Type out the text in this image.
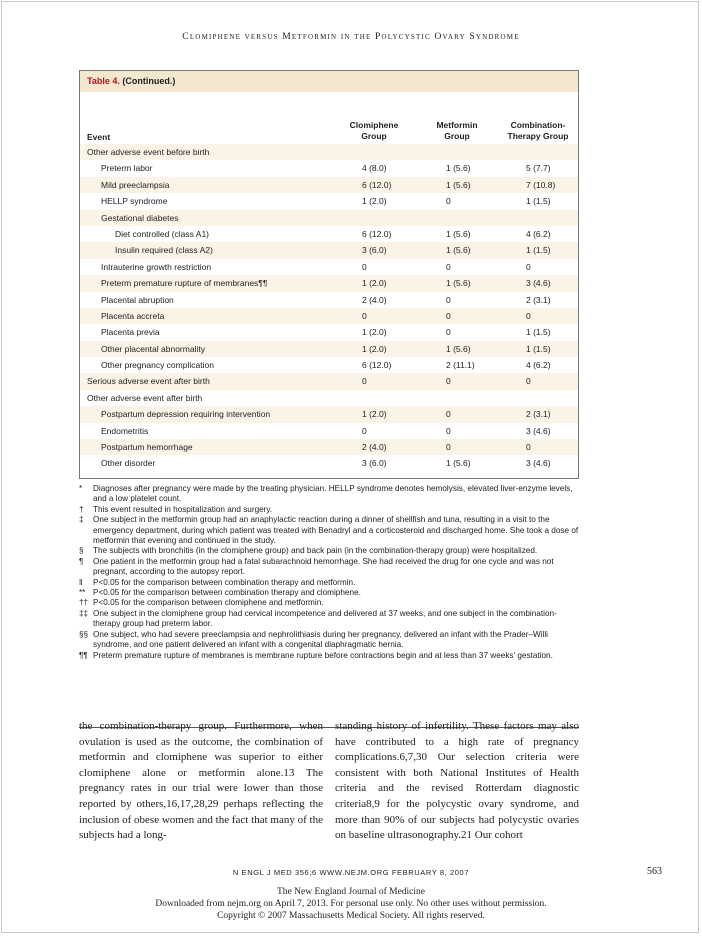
Clomiphene versus Metformin in the Polycystic Ovary Syndrome
Table 4. (Continued.)
Event
Clomiphene
Group
Metformin
Group
Combination-
Therapy Group
Other adverse event before birth
Preterm labor	4 (8.0)	1 (5.6)	5 (7.7)
Mild preeclampsia	6 (12.0)	1 (5.6)	7 (10.8)
HELLP syndrome	1 (2.0)	0	1 (1.5)
Gestational diabetes
Diet controlled (class A1)	6 (12.0)	1 (5.6)	4 (6.2)
Insulin required (class A2)	3 (6.0)	1 (5.6)	1 (1.5)
Intrauterine growth restriction	0	0	0
Preterm premature rupture of membranes¶¶	1 (2.0)	1 (5.6)	3 (4.6)
Placental abruption	2 (4.0)	0	2 (3.1)
Placenta accreta	0	0	0
Placenta previa	1 (2.0)	0	1 (1.5)
Other placental abnormality	1 (2.0)	1 (5.6)	1 (1.5)
Other pregnancy complication	6 (12.0)	2 (11.1)	4 (6.2)
Serious adverse event after birth	0	0	0
Other adverse event after birth
Postpartum depression requiring intervention	1 (2.0)	0	2 (3.1)
Endometritis	0	0	3 (4.6)
Postpartum hemorrhage	2 (4.0)	0	0
Other disorder	3 (6.0)	1 (5.6)	3 (4.6)
*	Diagnoses after pregnancy were made by the treating physician. HELLP syndrome denotes hemolysis, elevated liver-enzyme levels, and a low platelet count.
†	This event resulted in hospitalization and surgery.
‡	One subject in the metformin group had an anaphylactic reaction during a dinner of shellfish and tuna, resulting in a visit to the emergency department, during which patient was treated with Benadryl and a corticosteroid and discharged home. She took a dose of metformin that evening and continued in the study.
§	The subjects with bronchitis (in the clomiphene group) and back pain (in the combination-therapy group) were hospitalized.
¶	One patient in the metformin group had a fatal subarachnoid hemorrhage. She had received the drug for one cycle and was not pregnant, according to the autopsy report.
‖	P<0.05 for the comparison between combination therapy and metformin.
** P<0.05 for the comparison between combination therapy and clomiphene.
†† P<0.05 for the comparison between clomiphene and metformin.
‡‡ One subject in the clomiphene group had cervical incompetence and delivered at 37 weeks, and one subject in the combination-therapy group had preterm labor.
§§ One subject, who had severe preeclampsia and nephrolithiasis during her pregnancy, delivered an infant with the Prader–Willi syndrome, and one patient delivered an infant with a congenital diaphragmatic hernia.
¶¶ Preterm premature rupture of membranes is membrane rupture before contractions begin and at less than 37 weeks' gestation.
the combination-therapy group. Furthermore, when ovulation is used as the outcome, the combination of metformin and clomiphene was superior to either clomiphene alone or metformin alone.13 The pregnancy rates in our trial were lower than those reported by others,16,17,28,29 perhaps reflecting the inclusion of obese women and the fact that many of the subjects had a long-
standing history of infertility. These factors may also have contributed to a high rate of pregnancy complications.6,7,30 Our selection criteria were consistent with both National Institutes of Health criteria and the revised Rotterdam diagnostic criteria8,9 for the polycystic ovary syndrome, and more than 90% of our subjects had polycystic ovaries on baseline ultrasonography.21 Our cohort
N ENGL J MED 356;6 WWW.NEJM.ORG FEBRUARY 8, 2007	563
The New England Journal of Medicine
Downloaded from nejm.org on April 7, 2013. For personal use only. No other uses without permission.
Copyright © 2007 Massachusetts Medical Society. All rights reserved.
